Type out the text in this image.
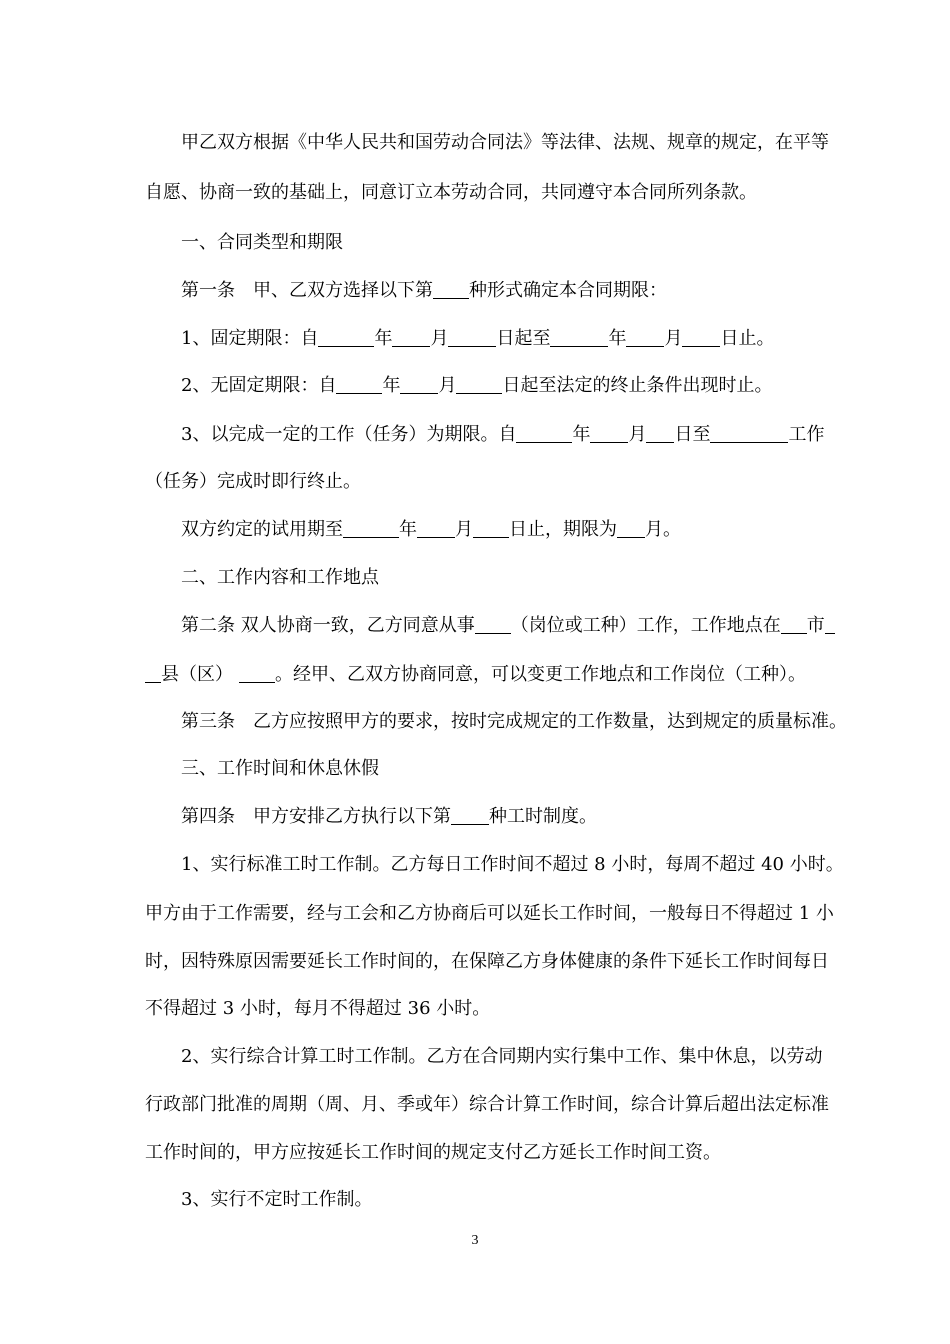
甲乙双方根据《中华人民共和国劳动合同法》等法律、法规、规章的规定，在平等
自愿、协商一致的基础上，同意订立本劳动合同，共同遵守本合同所列条款。
一、合同类型和期限
第一条　甲、乙双方选择以下第 种形式确定本合同期限：
1、固定期限：自	年 月	日起至	年 月 日止。
2、无固定期限：自	年 月	日起至法定的终止条件出现时止。
3、以完成一定的工作（任务）为期限。自	年 月 日至	工作
（任务）完成时即行终止。
双方约定的试用期至	年 月 日止，期限为 月。
二、工作内容和工作地点
第二条 双人协商一致，乙方同意从事 （岗位或工种）工作，工作地点在 市
县（区） 。经甲、乙双方协商同意，可以变更工作地点和工作岗位（工种）。
第三条　乙方应按照甲方的要求，按时完成规定的工作数量，达到规定的质量标准。
三、工作时间和休息休假
第四条　甲方安排乙方执行以下第 种工时制度。
1、实行标准工时工作制。乙方每日工作时间不超过 8 小时，每周不超过 40 小时。
甲方由于工作需要，经与工会和乙方协商后可以延长工作时间，一般每日不得超过 1 小
时，因特殊原因需要延长工作时间的，在保障乙方身体健康的条件下延长工作时间每日
不得超过 3 小时，每月不得超过 36 小时。
2、实行综合计算工时工作制。乙方在合同期内实行集中工作、集中休息，以劳动
行政部门批准的周期（周、月、季或年）综合计算工作时间，综合计算后超出法定标准
工作时间的，甲方应按延长工作时间的规定支付乙方延长工作时间工资。
3、实行不定时工作制。
3
